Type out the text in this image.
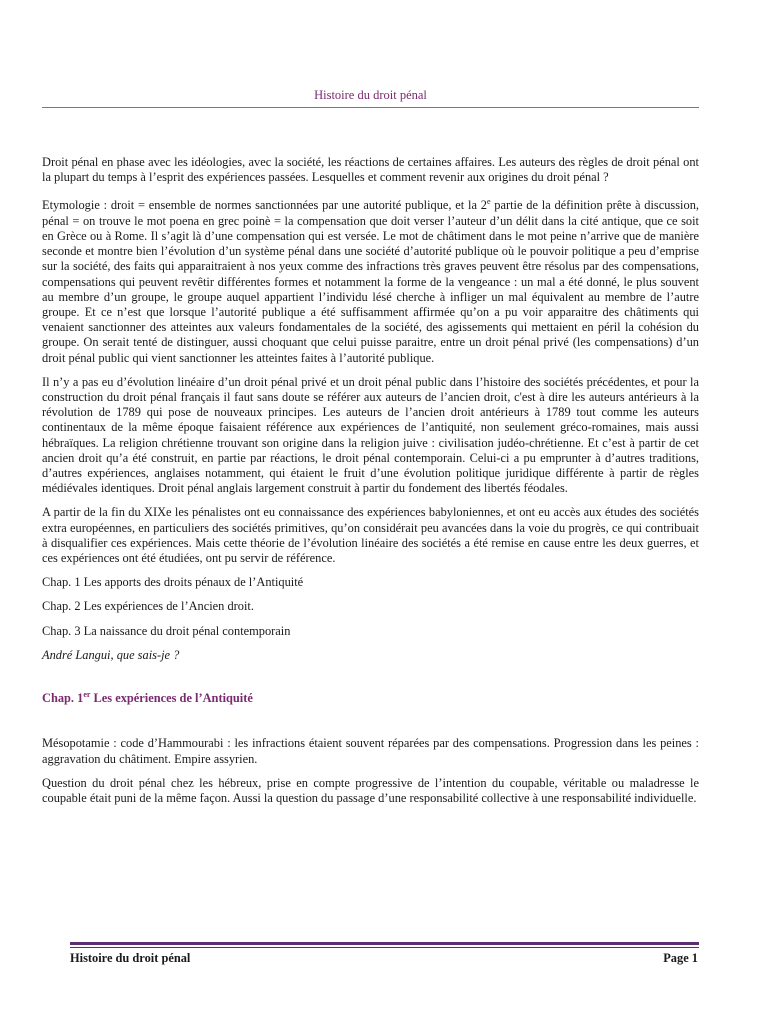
Histoire du droit pénal

Droit pénal en phase avec les idéologies, avec la société, les réactions de certaines affaires. Les auteurs des règles de droit pénal ont la plupart du temps à l’esprit des expériences passées. Lesquelles et comment revenir aux origines du droit pénal ?

Etymologie : droit = ensemble de normes sanctionnées par une autorité publique, et la 2e partie de la définition prête à discussion, pénal = on trouve le mot poena en grec poinè = la compensation que doit verser l’auteur d’un délit dans la cité antique, que ce soit en Grèce ou à Rome. Il s’agit là d’une compensation qui est versée. Le mot de châtiment dans le mot peine n’arrive que de manière seconde et montre bien l’évolution d’un système pénal dans une société d’autorité publique où le pouvoir politique a peu d’emprise sur la société, des faits qui apparaitraient à nos yeux comme des infractions très graves peuvent être résolus par des compensations, compensations qui peuvent revêtir différentes formes et notamment la forme de la vengeance : un mal a été donné, le plus souvent au membre d’un groupe, le groupe auquel appartient l’individu lésé cherche à infliger un mal équivalent au membre de l’autre groupe. Et ce n’est que lorsque l’autorité publique a été suffisamment affirmée qu’on a pu voir apparaitre des châtiments qui venaient sanctionner des atteintes aux valeurs fondamentales de la société, des agissements qui mettaient en péril la cohésion du groupe. On serait tenté de distinguer, aussi choquant que celui puisse paraitre, entre un droit pénal privé (les compensations) d’un droit pénal public qui vient sanctionner les atteintes faites à l’autorité publique.

Il n’y a pas eu d’évolution linéaire d’un droit pénal privé et un droit pénal public dans l’histoire des sociétés précédentes, et pour la construction du droit pénal français il faut sans doute se référer aux auteurs de l’ancien droit, c'est à dire les auteurs antérieurs à la révolution de 1789 qui pose de nouveaux principes. Les auteurs de l’ancien droit antérieurs à 1789 tout comme les auteurs continentaux de la même époque faisaient référence aux expériences de l’antiquité, non seulement gréco-romaines, mais aussi hébraïques. La religion chrétienne trouvant son origine dans la religion juive : civilisation judéo-chrétienne. Et c’est à partir de cet ancien droit qu’a été construit, en partie par réactions, le droit pénal contemporain. Celui-ci a pu emprunter à d’autres traditions, d’autres expériences, anglaises notamment, qui étaient le fruit d’une évolution politique juridique différente à partir de règles médiévales identiques. Droit pénal anglais largement construit à partir du fondement des libertés féodales.

A partir de la fin du XIXe les pénalistes ont eu connaissance des expériences babyloniennes, et ont eu accès aux études des sociétés extra européennes, en particuliers des sociétés primitives, qu’on considérait peu avancées dans la voie du progrès, ce qui contribuait à disqualifier ces expériences. Mais cette théorie de l’évolution linéaire des sociétés a été remise en cause entre les deux guerres, et ces expériences ont été étudiées, ont pu servir de référence.

Chap. 1 Les apports des droits pénaux de l’Antiquité

Chap. 2 Les expériences de l’Ancien droit.

Chap. 3 La naissance du droit pénal contemporain

André Langui, que sais-je ?

Chap. 1er Les expériences de l’Antiquité

Mésopotamie : code d’Hammourabi : les infractions étaient souvent réparées par des compensations. Progression dans les peines : aggravation du châtiment. Empire assyrien.

Question du droit pénal chez les hébreux, prise en compte progressive de l’intention du coupable, véritable ou maladresse le coupable était puni de la même façon. Aussi la question du passage d’une responsabilité collective à une responsabilité individuelle.

Histoire du droit pénal	Page 1
